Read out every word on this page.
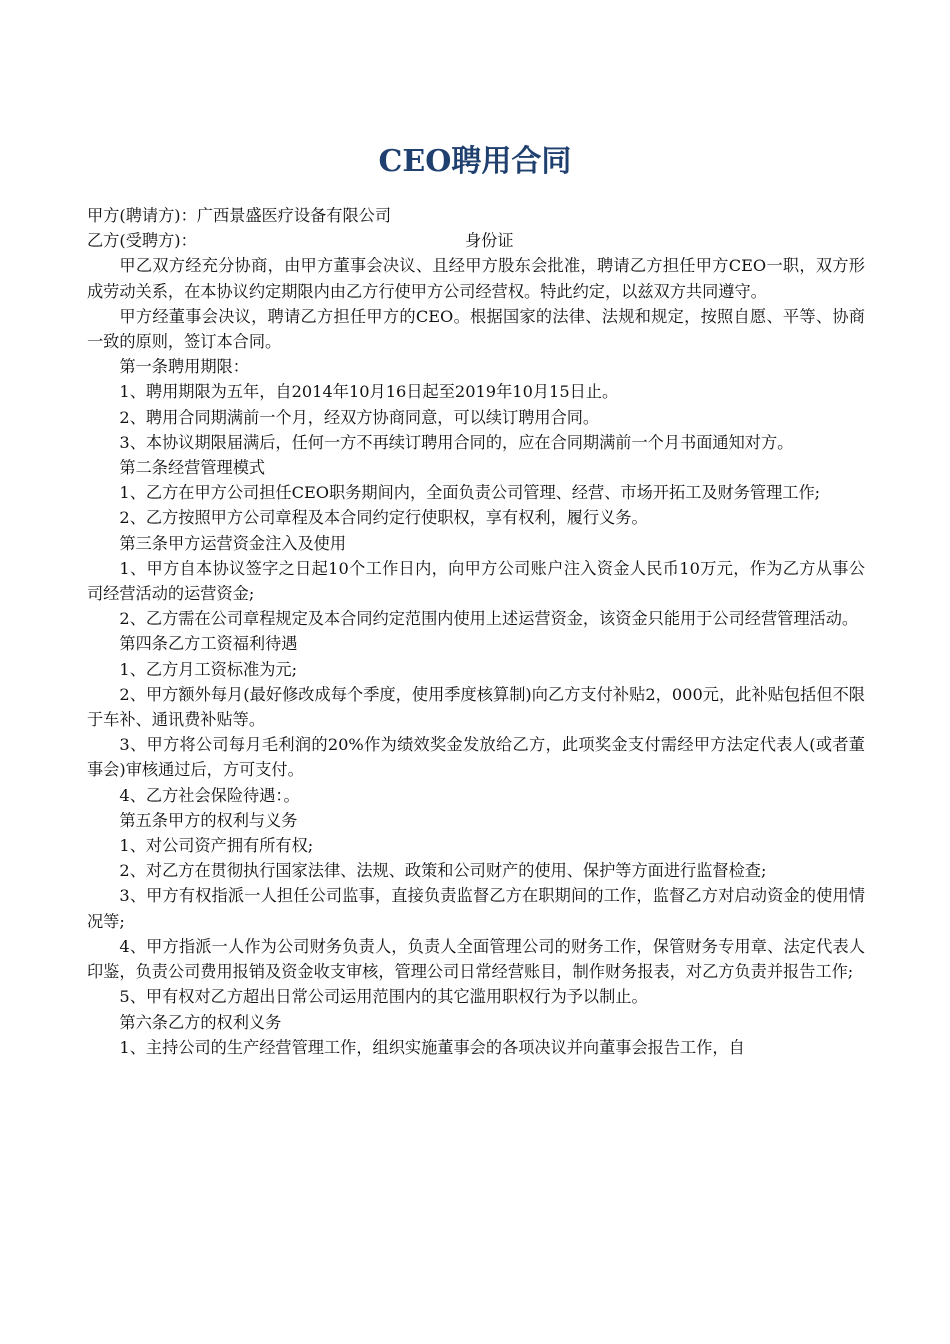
CEO聘用合同

甲方(聘请方)：广西景盛医疗设备有限公司

乙方(受聘方)：	身份证

甲乙双方经充分协商，由甲方董事会决议、且经甲方股东会批准，聘请乙方担任甲方CEO一职，双方形成劳动关系，在本协议约定期限内由乙方行使甲方公司经营权。特此约定，以兹双方共同遵守。

甲方经董事会决议，聘请乙方担任甲方的CEO。根据国家的法律、法规和规定，按照自愿、平等、协商一致的原则，签订本合同。

第一条聘用期限：

1、聘用期限为五年，自2014年10月16日起至2019年10月15日止。

2、聘用合同期满前一个月，经双方协商同意，可以续订聘用合同。

3、本协议期限届满后，任何一方不再续订聘用合同的，应在合同期满前一个月书面通知对方。

第二条经营管理模式

1、乙方在甲方公司担任CEO职务期间内，全面负责公司管理、经营、市场开拓工及财务管理工作;

2、乙方按照甲方公司章程及本合同约定行使职权，享有权利，履行义务。

第三条甲方运营资金注入及使用

1、甲方自本协议签字之日起10个工作日内，向甲方公司账户注入资金人民币10万元，作为乙方从事公司经营活动的运营资金;

2、乙方需在公司章程规定及本合同约定范围内使用上述运营资金，该资金只能用于公司经营管理活动。

第四条乙方工资福利待遇

1、乙方月工资标准为元;

2、甲方额外每月(最好修改成每个季度，使用季度核算制)向乙方支付补贴2，000元，此补贴包括但不限于车补、通讯费补贴等。

3、甲方将公司每月毛利润的20%作为绩效奖金发放给乙方，此项奖金支付需经甲方法定代表人(或者董事会)审核通过后，方可支付。

4、乙方社会保险待遇：。

第五条甲方的权利与义务

1、对公司资产拥有所有权;

2、对乙方在贯彻执行国家法律、法规、政策和公司财产的使用、保护等方面进行监督检查;

3、甲方有权指派一人担任公司监事，直接负责监督乙方在职期间的工作，监督乙方对启动资金的使用情况等;

4、甲方指派一人作为公司财务负责人，负责人全面管理公司的财务工作，保管财务专用章、法定代表人印鉴，负责公司费用报销及资金收支审核，管理公司日常经营账目，制作财务报表，对乙方负责并报告工作;

5、甲有权对乙方超出日常公司运用范围内的其它滥用职权行为予以制止。

第六条乙方的权利义务

1、主持公司的生产经营管理工作，组织实施董事会的各项决议并向董事会报告工作，自
